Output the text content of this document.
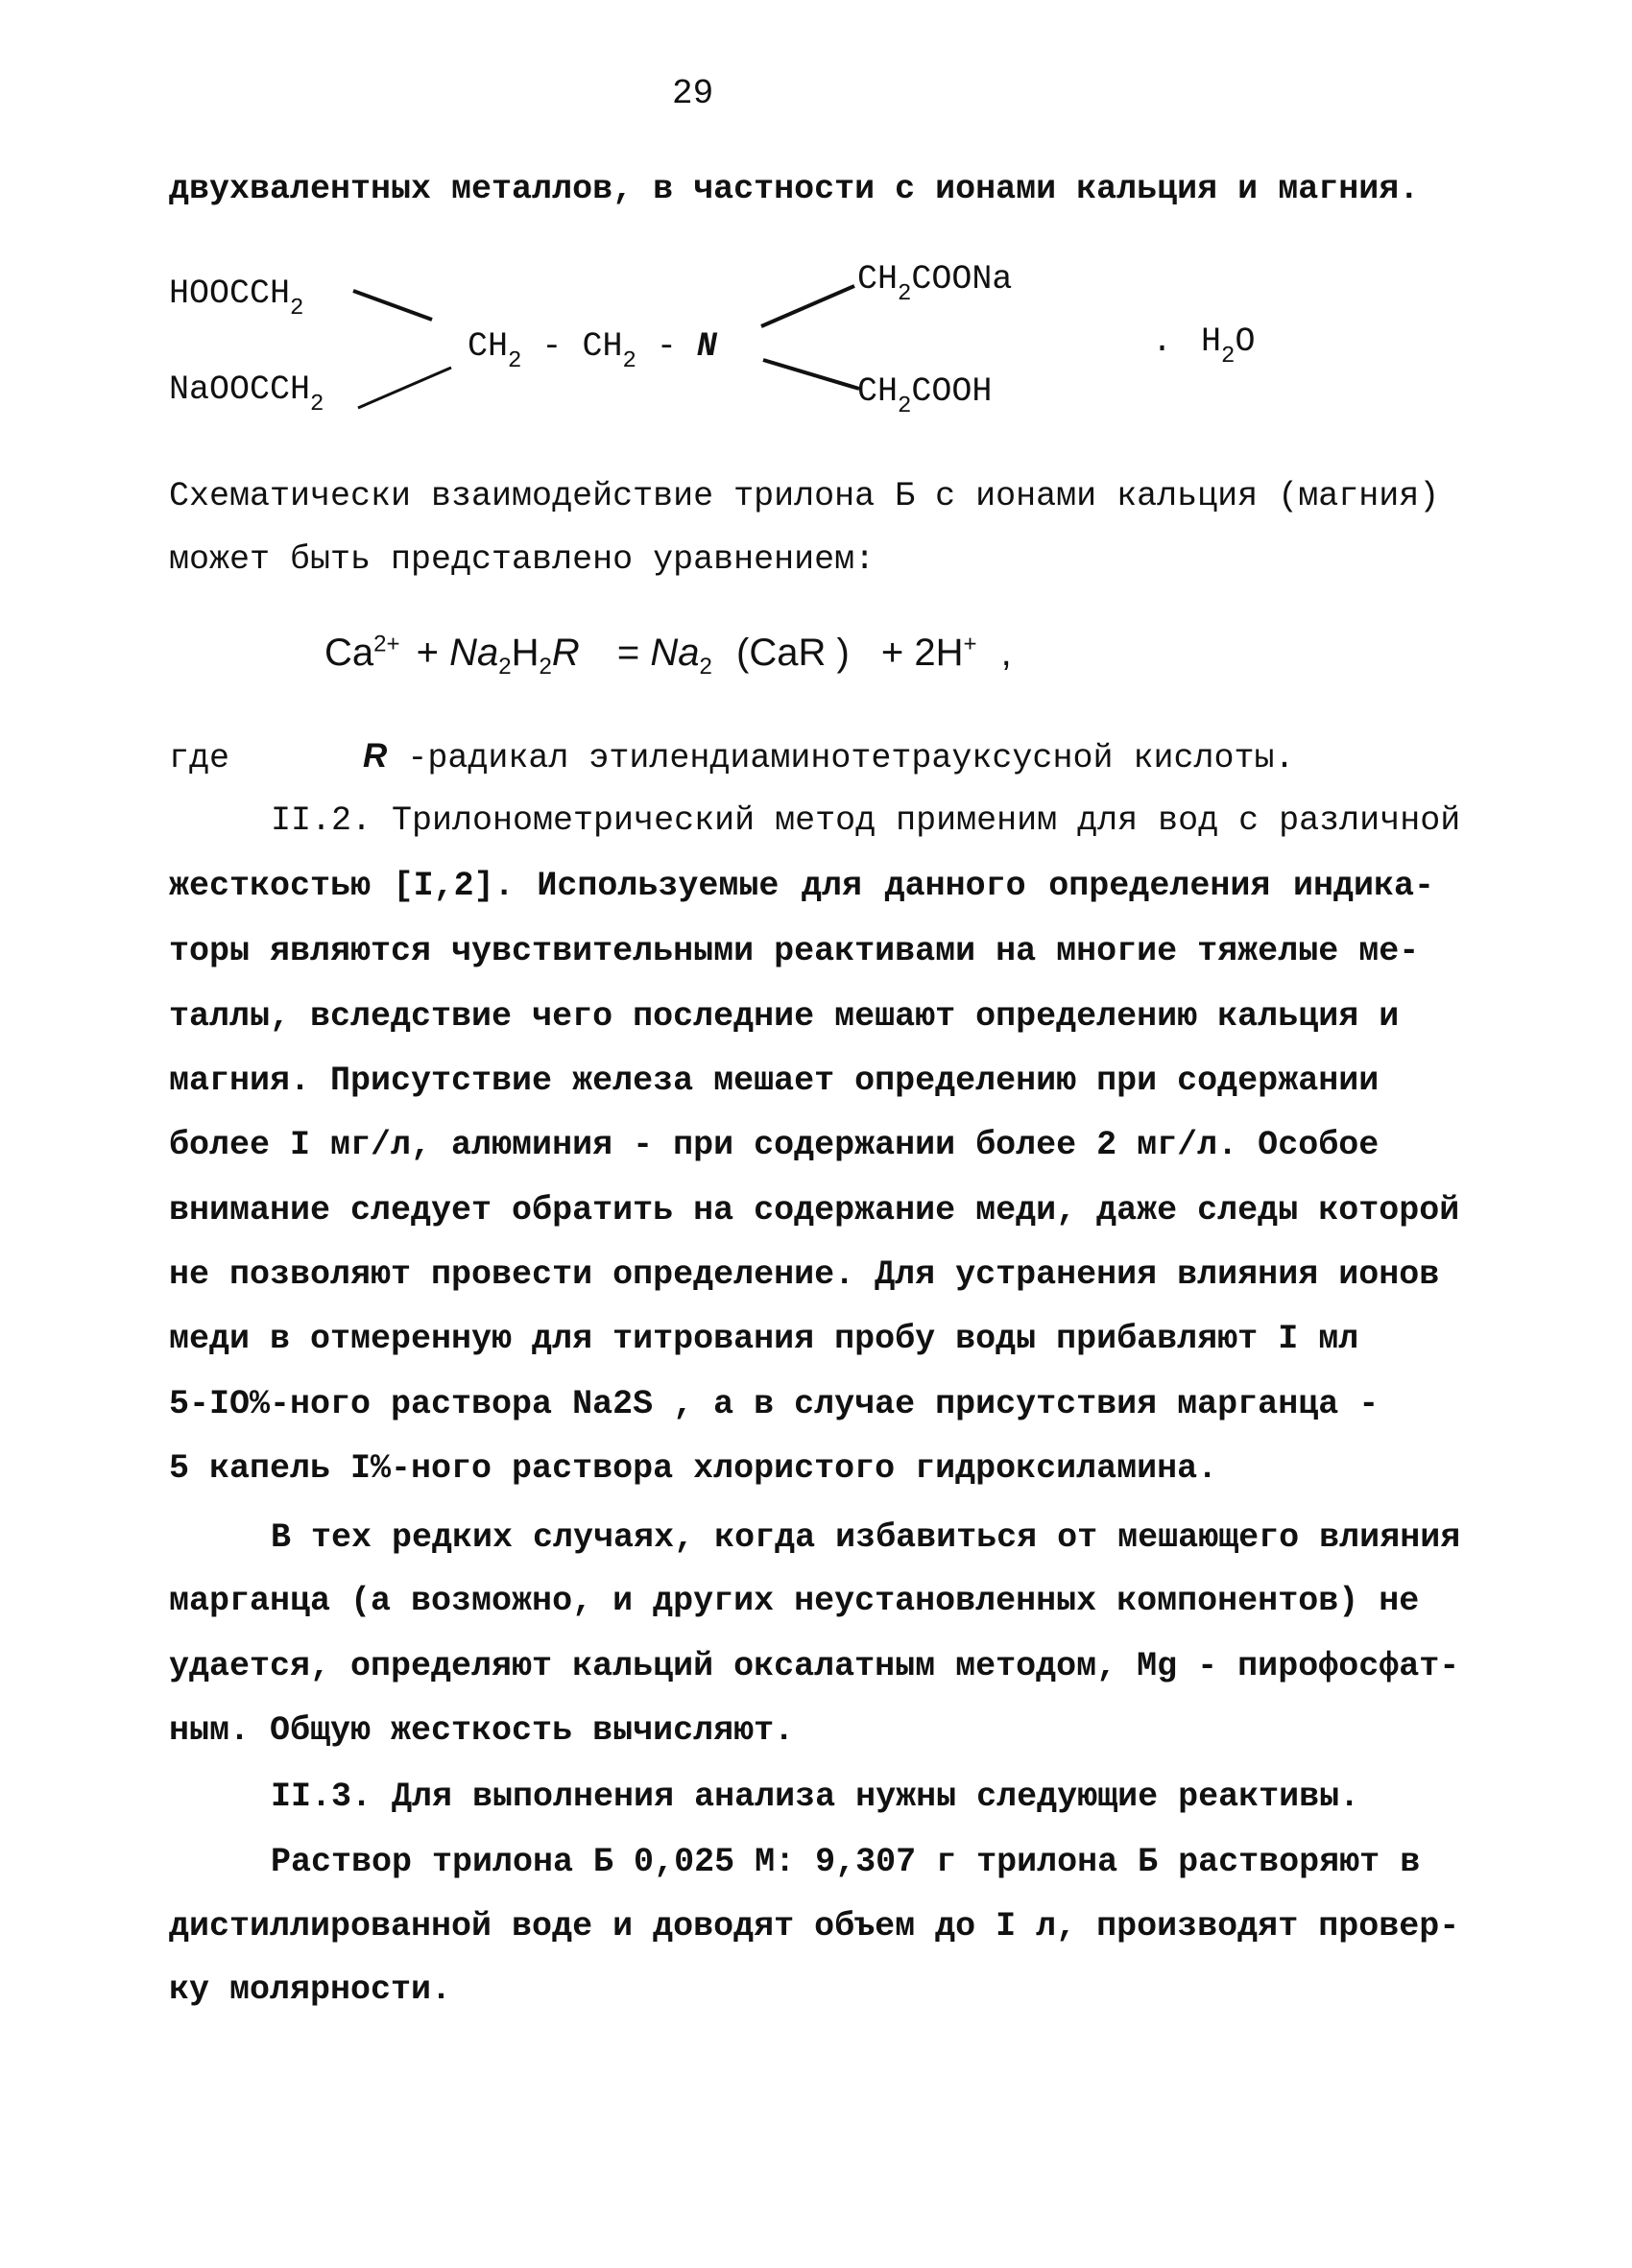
29
двухвалентных металлов, в частности с ионами кальция и магния.
$HOOCCH_2$
NaOOCCH$_2$
$CH_2 - CH_2$ - N
$CH_2COONa$
$CH_2COOH$
. $H_2O$
Схематически взаимодействие трилона Б с ионами кальция (магния)
может быть представлено уравнением:
$Ca^{2+} + Na_2H_2R = Na_2$ (CaR ) + 2H+ ,
где	R -радикал этилендиаминотетрауксусной кислоты.
II.2. Трилонометрический метод применим для вод с различной
жесткостью [I,2]. Используемые для данного определения индика-
торы являются чувствительными реактивами на многие тяжелые ме-
таллы, вследствие чего последние мешают определению кальция и
магния. Присутствие железа мешает определению при содержании
более I мг/л, алюминия - при содержании более 2 мг/л. Особое
внимание следует обратить на содержание меди, даже следы которой
не позволяют провести определение. Для устранения влияния ионов
меди в отмеренную для титрования пробу воды прибавляют I мл
5-IO%-ного раствора Na2S , а в случае присутствия марганца -
5 капель I%-ного раствора хлористого гидроксиламина.
В тех редких случаях, когда избавиться от мешающего влияния
марганца (а возможно, и других неустановленных компонентов) не
удается, определяют кальций оксалатным методом, Mg - пирофосфат-
ным. Общую жесткость вычисляют.
II.3. Для выполнения анализа нужны следующие реактивы.
Раствор трилона Б 0,025 М: 9,307 г трилона Б растворяют в
дистиллированной воде и доводят объем до I л, производят провер-
ку молярности.
